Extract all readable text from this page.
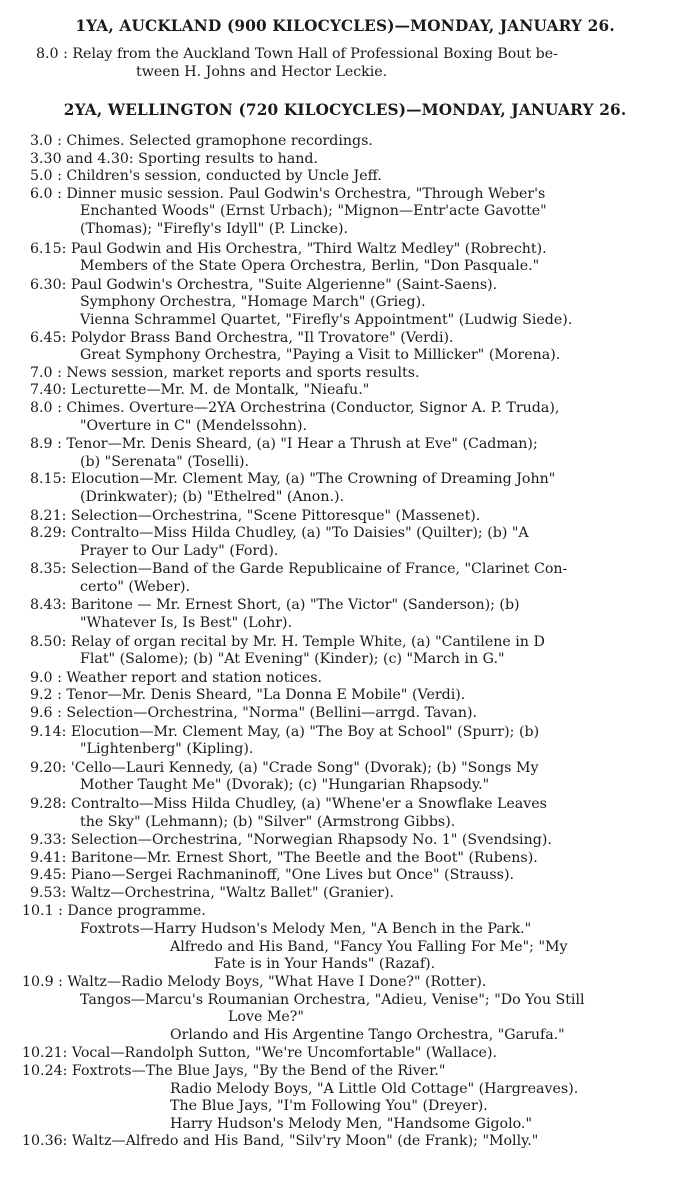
1YA, AUCKLAND (900 KILOCYCLES)—MONDAY, JANUARY 26.
8.0 : Relay from the Auckland Town Hall of Professional Boxing Bout be-
tween H. Johns and Hector Leckie.
2YA, WELLINGTON (720 KILOCYCLES)—MONDAY, JANUARY 26.
3.0 : Chimes. Selected gramophone recordings.
3.30 and 4.30: Sporting results to hand.
5.0 : Children's session, conducted by Uncle Jeff.
6.0 : Dinner music session. Paul Godwin's Orchestra, "Through Weber's
Enchanted Woods" (Ernst Urbach); "Mignon—Entr'acte Gavotte"
(Thomas); "Firefly's Idyll" (P. Lincke).
6.15: Paul Godwin and His Orchestra, "Third Waltz Medley" (Robrecht).
Members of the State Opera Orchestra, Berlin, "Don Pasquale."
6.30: Paul Godwin's Orchestra, "Suite Algerienne" (Saint-Saens).
Symphony Orchestra, "Homage March" (Grieg).
Vienna Schrammel Quartet, "Firefly's Appointment" (Ludwig Siede).
6.45: Polydor Brass Band Orchestra, "Il Trovatore" (Verdi).
Great Symphony Orchestra, "Paying a Visit to Millicker" (Morena).
7.0 : News session, market reports and sports results.
7.40: Lecturette—Mr. M. de Montalk, "Nieafu."
8.0 : Chimes. Overture—2YA Orchestrina (Conductor, Signor A. P. Truda),
"Overture in C" (Mendelssohn).
8.9 : Tenor—Mr. Denis Sheard, (a) "I Hear a Thrush at Eve" (Cadman);
(b) "Serenata" (Toselli).
8.15: Elocution—Mr. Clement May, (a) "The Crowning of Dreaming John"
(Drinkwater); (b) "Ethelred" (Anon.).
8.21: Selection—Orchestrina, "Scene Pittoresque" (Massenet).
8.29: Contralto—Miss Hilda Chudley, (a) "To Daisies" (Quilter); (b) "A
Prayer to Our Lady" (Ford).
8.35: Selection—Band of the Garde Republicaine of France, "Clarinet Con-
certo" (Weber).
8.43: Baritone — Mr. Ernest Short, (a) "The Victor" (Sanderson); (b)
"Whatever Is, Is Best" (Lohr).
8.50: Relay of organ recital by Mr. H. Temple White, (a) "Cantilene in D
Flat" (Salome); (b) "At Evening" (Kinder); (c) "March in G."
9.0 : Weather report and station notices.
9.2 : Tenor—Mr. Denis Sheard, "La Donna E Mobile" (Verdi).
9.6 : Selection—Orchestrina, "Norma" (Bellini—arrgd. Tavan).
9.14: Elocution—Mr. Clement May, (a) "The Boy at School" (Spurr); (b)
"Lightenberg" (Kipling).
9.20: 'Cello—Lauri Kennedy, (a) "Crade Song" (Dvorak); (b) "Songs My
Mother Taught Me" (Dvorak); (c) "Hungarian Rhapsody."
9.28: Contralto—Miss Hilda Chudley, (a) "Whene'er a Snowflake Leaves
the Sky" (Lehmann); (b) "Silver" (Armstrong Gibbs).
9.33: Selection—Orchestrina, "Norwegian Rhapsody No. 1" (Svendsing).
9.41: Baritone—Mr. Ernest Short, "The Beetle and the Boot" (Rubens).
9.45: Piano—Sergei Rachmaninoff, "One Lives but Once" (Strauss).
9.53: Waltz—Orchestrina, "Waltz Ballet" (Granier).
10.1 : Dance programme.
Foxtrots—Harry Hudson's Melody Men, "A Bench in the Park."
Alfredo and His Band, "Fancy You Falling For Me"; "My
Fate is in Your Hands" (Razaf).
10.9 : Waltz—Radio Melody Boys, "What Have I Done?" (Rotter).
Tangos—Marcu's Roumanian Orchestra, "Adieu, Venise"; "Do You Still
Love Me?"
Orlando and His Argentine Tango Orchestra, "Garufa."
10.21: Vocal—Randolph Sutton, "We're Uncomfortable" (Wallace).
10.24: Foxtrots—The Blue Jays, "By the Bend of the River."
Radio Melody Boys, "A Little Old Cottage" (Hargreaves).
The Blue Jays, "I'm Following You" (Dreyer).
Harry Hudson's Melody Men, "Handsome Gigolo."
10.36: Waltz—Alfredo and His Band, "Silv'ry Moon" (de Frank); "Molly."
